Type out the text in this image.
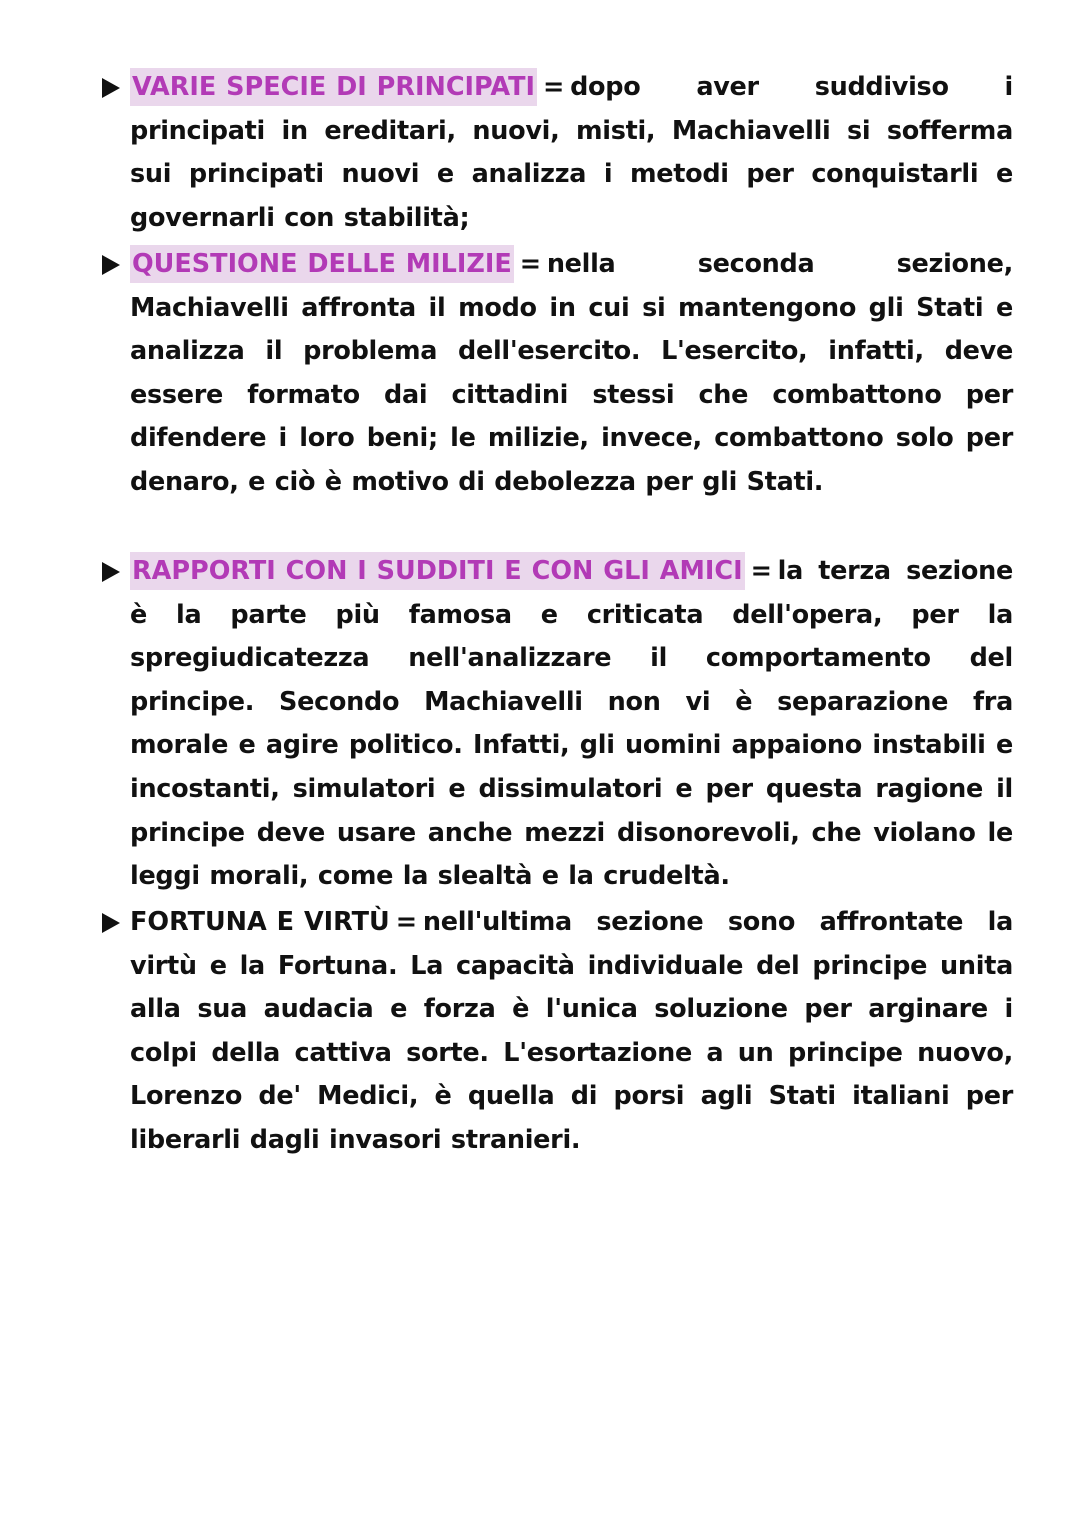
VARIE SPECIE DI PRINCIPATI = dopo aver suddiviso i principati in ereditari, nuovi, misti, Machiavelli si sofferma sui principati nuovi e analizza i metodi per conquistarli e governarli con stabilità;

QUESTIONE DELLE MILIZIE = nella seconda sezione, Machiavelli affronta il modo in cui si mantengono gli Stati e analizza il problema dell'esercito. L'esercito, infatti, deve essere formato dai cittadini stessi che combattono per difendere i loro beni; le milizie, invece, combattono solo per denaro, e ciò è motivo di debolezza per gli Stati.

RAPPORTI CON I SUDDITI E CON GLI AMICI = la terza sezione è la parte più famosa e criticata dell'opera, per la spregiudicatezza nell'analizzare il comportamento del principe. Secondo Machiavelli non vi è separazione fra morale e agire politico. Infatti, gli uomini appaiono instabili e incostanti, simulatori e dissimulatori e per questa ragione il principe deve usare anche mezzi disonorevoli, che violano le leggi morali, come la slealtà e la crudeltà.

FORTUNA E VIRTÙ = nell'ultima sezione sono affrontate la virtù e la Fortuna. La capacità individuale del principe unita alla sua audacia e forza è l'unica soluzione per arginare i colpi della cattiva sorte. L'esortazione a un principe nuovo, Lorenzo de' Medici, è quella di porsi agli Stati italiani per liberarli dagli invasori stranieri.
